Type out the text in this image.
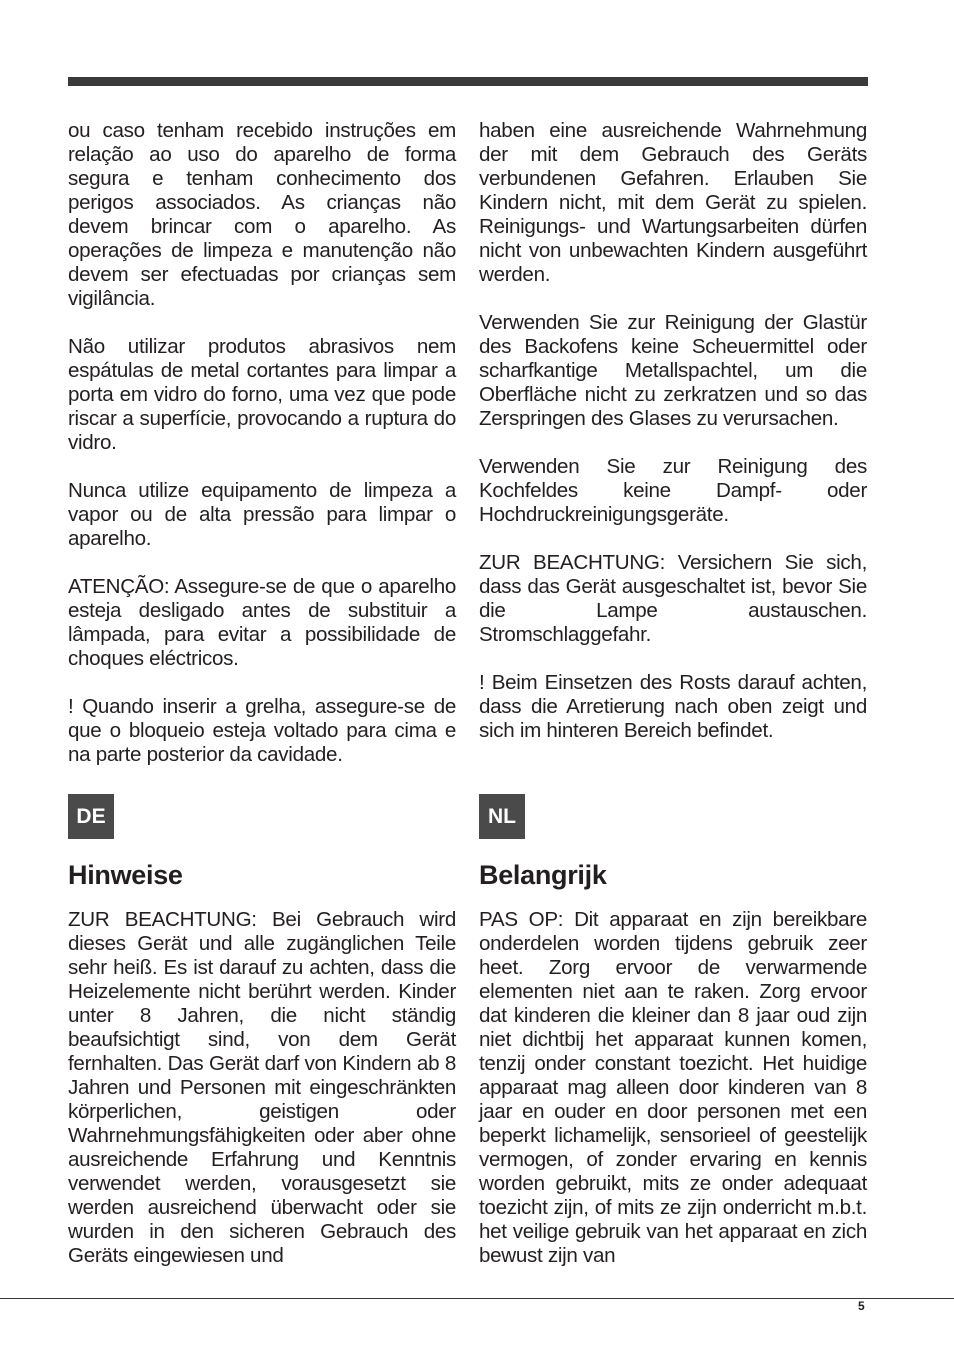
ou caso tenham recebido instruções em relação ao uso do aparelho de forma segura e tenham conhecimento dos perigos associados. As crianças não devem brincar com o aparelho. As operações de limpeza e manutenção não devem ser efectuadas por crianças sem vigilância.

Não utilizar produtos abrasivos nem espátulas de metal cortantes para limpar a porta em vidro do forno, uma vez que pode riscar a superfície, provocando a ruptura do vidro.

Nunca utilize equipamento de limpeza a vapor ou de alta pressão para limpar o aparelho.

ATENÇÃO: Assegure-se de que o aparelho esteja desligado antes de substituir a lâmpada, para evitar a possibilidade de choques eléctricos.

! Quando inserir a grelha, assegure-se de que o bloqueio esteja voltado para cima e na parte posterior da cavidade.

haben eine ausreichende Wahrnehmung der mit dem Gebrauch des Geräts verbundenen Gefahren. Erlauben Sie Kindern nicht, mit dem Gerät zu spielen. Reinigungs- und Wartungsarbeiten dürfen nicht von unbewachten Kindern ausgeführt werden.

Verwenden Sie zur Reinigung der Glastür des Backofens keine Scheuermittel oder scharfkantige Metallspachtel, um die Oberfläche nicht zu zerkratzen und so das Zerspringen des Glases zu verursachen.

Verwenden Sie zur Reinigung des Kochfeldes keine Dampf- oder Hochdruckreinigungsgeräte.

ZUR BEACHTUNG: Versichern Sie sich, dass das Gerät ausgeschaltet ist, bevor Sie die Lampe austauschen. Stromschlaggefahr.

! Beim Einsetzen des Rosts darauf achten, dass die Arretierung nach oben zeigt und sich im hinteren Bereich befindet.

DE	NL
Hinweise	Belangrijk

ZUR BEACHTUNG: Bei Gebrauch wird dieses Gerät und alle zugänglichen Teile sehr heiß. Es ist darauf zu achten, dass die Heizelemente nicht berührt werden. Kinder unter 8 Jahren, die nicht ständig beaufsichtigt sind, von dem Gerät fernhalten. Das Gerät darf von Kindern ab 8 Jahren und Personen mit eingeschränkten körperlichen, geistigen oder Wahrnehmungsfähigkeiten oder aber ohne ausreichende Erfahrung und Kenntnis verwendet werden, vorausgesetzt sie werden ausreichend überwacht oder sie wurden in den sicheren Gebrauch des Geräts eingewiesen und

PAS OP: Dit apparaat en zijn bereikbare onderdelen worden tijdens gebruik zeer heet. Zorg ervoor de verwarmende elementen niet aan te raken. Zorg ervoor dat kinderen die kleiner dan 8 jaar oud zijn niet dichtbij het apparaat kunnen komen, tenzij onder constant toezicht. Het huidige apparaat mag alleen door kinderen van 8 jaar en ouder en door personen met een beperkt lichamelijk, sensorieel of geestelijk vermogen, of zonder ervaring en kennis worden gebruikt, mits ze onder adequaat toezicht zijn, of mits ze zijn onderricht m.b.t. het veilige gebruik van het apparaat en zich bewust zijn van

5
